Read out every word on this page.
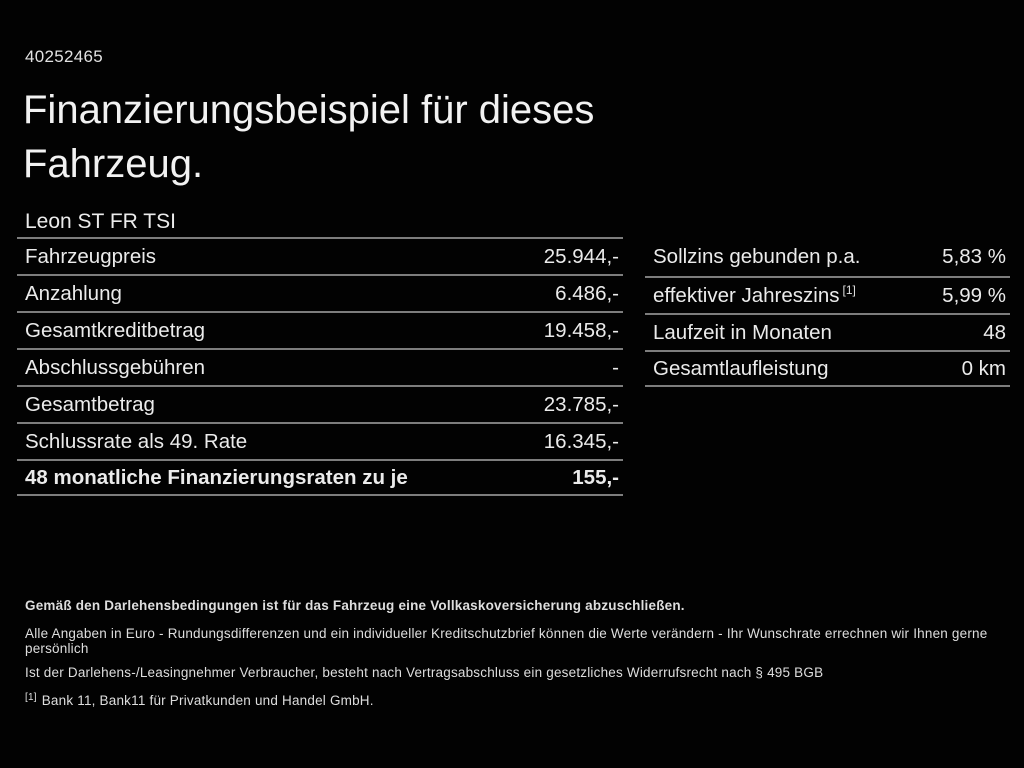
40252465
Finanzierungsbeispiel für dieses
Fahrzeug.
Leon ST FR TSI
Fahrzeugpreis	25.944,-
Anzahlung	6.486,-
Gesamtkreditbetrag	19.458,-
Abschlussgebühren	-
Gesamtbetrag	23.785,-
Schlussrate als 49. Rate	16.345,-
48 monatliche Finanzierungsraten zu je	155,-
Sollzins gebunden p.a.	5,83 %
effektiver Jahreszins [1]	5,99 %
Laufzeit in Monaten	48
Gesamtlaufleistung	0 km
Gemäß den Darlehensbedingungen ist für das Fahrzeug eine Vollkaskoversicherung abzuschließen.
Alle Angaben in Euro - Rundungsdifferenzen und ein individueller Kreditschutzbrief können die Werte verändern - Ihr Wunschrate errechnen wir Ihnen gerne persönlich
Ist der Darlehens-/Leasingnehmer Verbraucher, besteht nach Vertragsabschluss ein gesetzliches Widerrufsrecht nach § 495 BGB
[1] Bank 11, Bank11 für Privatkunden und Handel GmbH.
